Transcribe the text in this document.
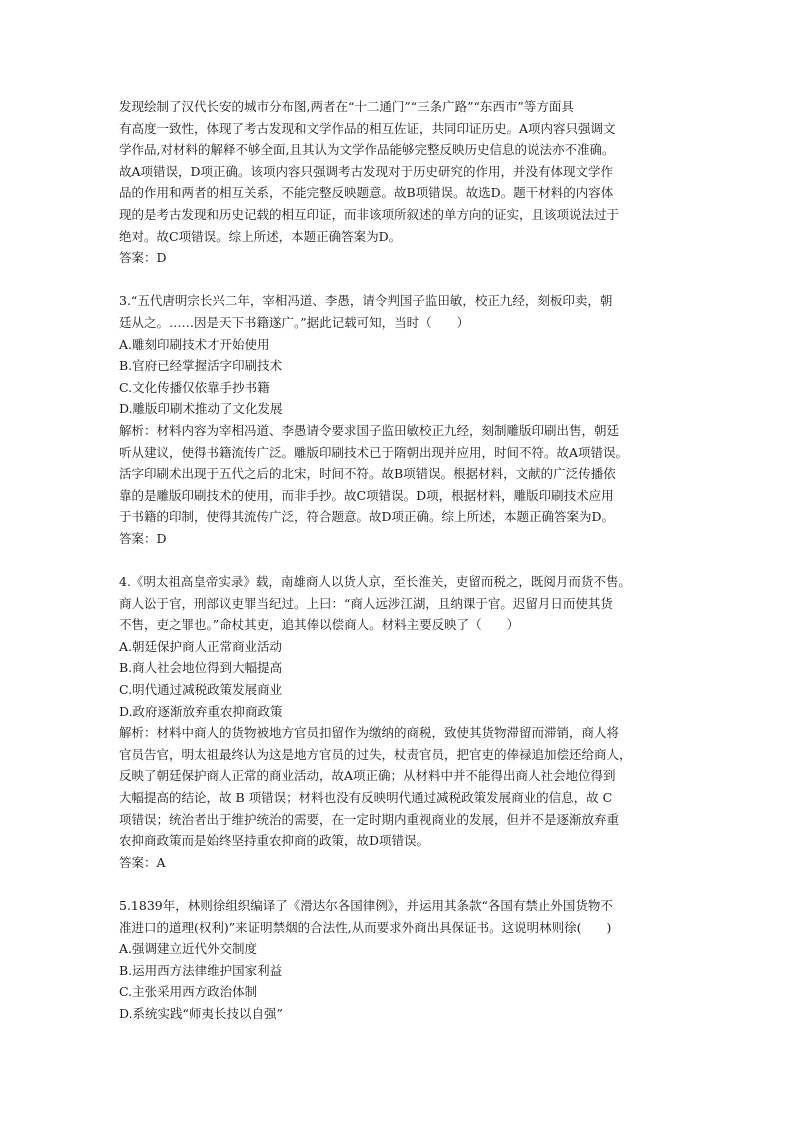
发现绘制了汉代长安的城市分布图,两者在“十二通门”“三条广路”“东西市”等方面具
有高度一致性，体现了考古发现和文学作品的相互佐证，共同印证历史。A项内容只强调文
学作品,对材料的解释不够全面,且其认为文学作品能够完整反映历史信息的说法亦不准确。
故A项错误，D项正确。该项内容只强调考古发现对于历史研究的作用，并没有体现文学作
品的作用和两者的相互关系，不能完整反映题意。故B项错误。故选D。题干材料的内容体
现的是考古发现和历史记载的相互印证，而非该项所叙述的单方向的证实，且该项说法过于
绝对。故C项错误。综上所述，本题正确答案为D。
答案：D
3.“五代唐明宗长兴二年，宰相冯道、李愚，请令判国子监田敏，校正九经，刻板印卖，朝
廷从之。……因是天下书籍遂广。”据此记载可知，当时（　　）
A.雕刻印刷技术才开始使用
B.官府已经掌握活字印刷技术
C.文化传播仅依靠手抄书籍
D.雕版印刷术推动了文化发展
解析：材料内容为宰相冯道、李愚请令要求国子监田敏校正九经，刻制雕版印刷出售，朝廷
听从建议，使得书籍流传广泛。雕版印刷技术已于隋朝出现并应用，时间不符。故A项错误。
活字印刷术出现于五代之后的北宋，时间不符。故B项错误。根据材料，文献的广泛传播依
靠的是雕版印刷技术的使用，而非手抄。故C项错误。D项，根据材料，雕版印刷技术应用
于书籍的印制，使得其流传广泛，符合题意。故D项正确。综上所述，本题正确答案为D。
答案：D
4.《明太祖高皇帝实录》载，南雄商人以货人京，至长淮关，吏留而税之，既阅月而货不售。
商人讼于官，刑部议吏罪当纪过。上曰：“商人远涉江湖，且纳课于官。迟留月日而使其货
不售，吏之罪也。”命杖其吏，追其俸以偿商人。材料主要反映了（　　）
A.朝廷保护商人正常商业活动
B.商人社会地位得到大幅提高
C.明代通过减税政策发展商业
D.政府逐渐放弃重农抑商政策
解析：材料中商人的货物被地方官员扣留作为缴纳的商税，致使其货物滞留而滞销，商人将
官员告官，明太祖最终认为这是地方官员的过失，杖责官员，把官吏的俸禄追加偿还给商人，
反映了朝廷保护商人正常的商业活动，故A项正确；从材料中并不能得出商人社会地位得到
大幅提高的结论，故 B 项错误；材料也没有反映明代通过减税政策发展商业的信息，故 C
项错误；统治者出于维护统治的需要，在一定时期内重视商业的发展，但并不是逐渐放弃重
农抑商政策而是始终坚持重农抑商的政策，故D项错误。
答案：A
5.1839年，林则徐组织编译了《滑达尔各国律例》，并运用其条款“各国有禁止外国货物不
准进口的道理(权利)”来证明禁烟的合法性,从而要求外商出具保证书。这说明林则徐(　　)
A.强调建立近代外交制度
B.运用西方法律维护国家利益
C.主张采用西方政治体制
D.系统实践“师夷长技以自强”
